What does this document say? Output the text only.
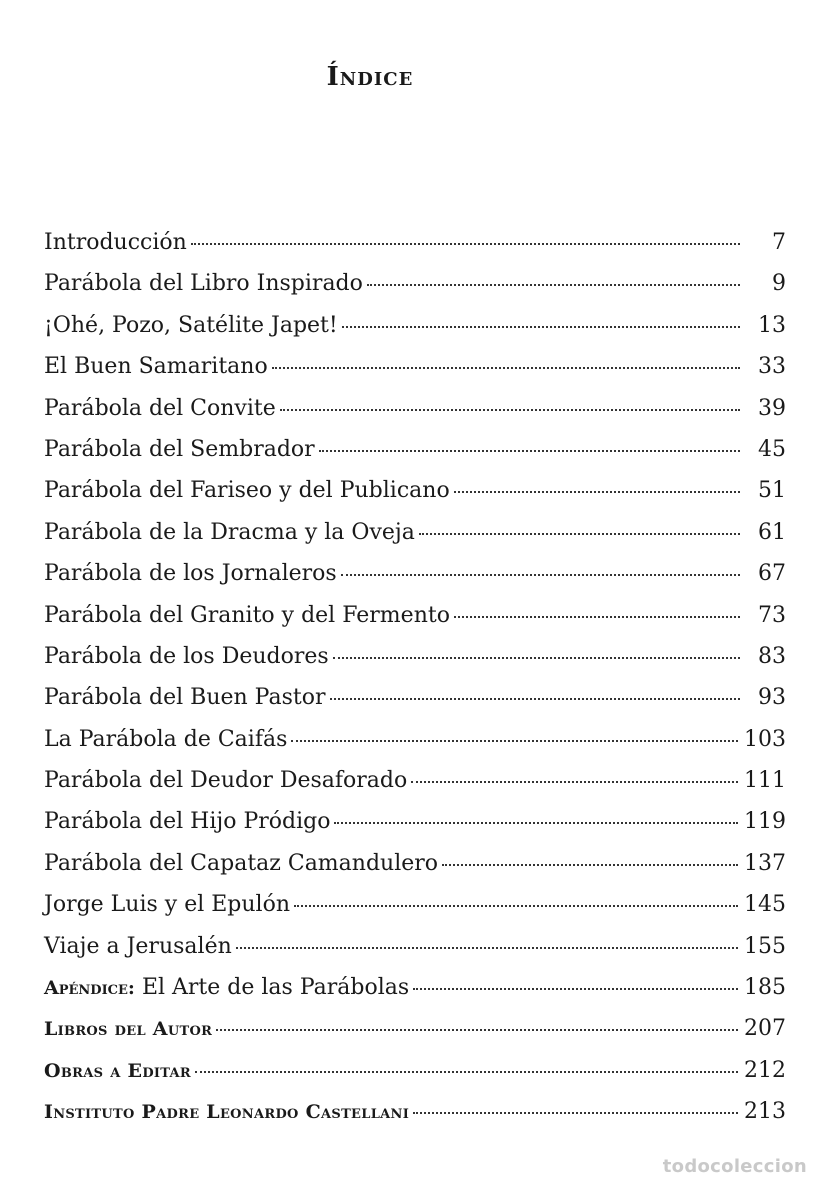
Índice
Introducción	7
Parábola del Libro Inspirado	9
¡Ohé, Pozo, Satélite Japet!	13
El Buen Samaritano	33
Parábola del Convite	39
Parábola del Sembrador	45
Parábola del Fariseo y del Publicano	51
Parábola de la Dracma y la Oveja	61
Parábola de los Jornaleros	67
Parábola del Granito y del Fermento	73
Parábola de los Deudores	83
Parábola del Buen Pastor	93
La Parábola de Caifás	103
Parábola del Deudor Desaforado	111
Parábola del Hijo Pródigo	119
Parábola del Capataz Camandulero	137
Jorge Luis y el Epulón	145
Viaje a Jerusalén	155
Apéndice: El Arte de las Parábolas	185
Libros del Autor	207
Obras a Editar	212
Instituto Padre Leonardo Castellani	213
todocoleccion
